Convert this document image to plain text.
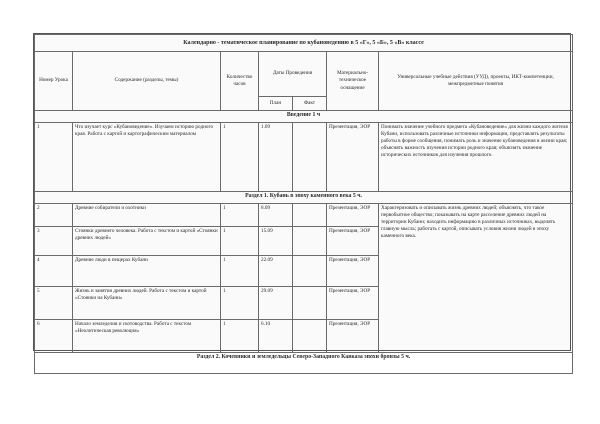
Календарно - тематическое планирование по кубановедению в 5 «Г», 5 «Б», 5 «В» классе						
Номер Урока	Содержание (разделы, темы)	Количество часов	Даты Проведения		Материально-техническое оснащение	Универсальные учебные действия (УУД), проекты, ИКТ-компетенции, межпредметные понятия
			План	Факт		
Введение 1 ч						
1	Что изучает курс «Кубановедение». Изучаем историю родного края. Работа с картой и картографическим материалом	1	1.09		Презентация, ЭОР	Понимать значение учебного предмета «Кубановедение» для жизни каждого жителя Кубани, использовать различные источники информации, представлять результаты работы в форме сообщения, понимать роль и значение кубановедения в жизни края; объяснять важность изучения истории родного края; объяснять значение исторических источников для изучения прошлого.
Раздел 1. Кубань в эпоху каменного века 5 ч.						
2	Древние собиратели и охотники	1	8.09		Презентация, ЭОР	Характеризовать и описывать жизнь древних людей; объяснять, что такое первобытное общество; показывать на карте расселение древних людей на территории Кубани; находить информацию в различных источниках, выделять главную мысль; работать с картой, описывать условия жизни людей в эпоху каменного века.
3	Стоянки древнего человека. Работа с текстом и картой «Стоянки древних людей»	1	15.09		Презентация, ЭОР	
4	Древние люди в пещерах Кубани	1	22.09		Презентация, ЭОР	
5	Жизнь и занятия древних людей. Работа с текстом и картой «Стоянки на Кубани»	1	29.09		Презентация, ЭОР	
6	Начало земледелия и скотоводства. Работа с текстом «Неолитическая революция»	1	6.10		Презентация, ЭОР	
Раздел 2. Кочевники и земледельцы Северо-Западного Кавказа эпохи бронзы 5 ч.						
